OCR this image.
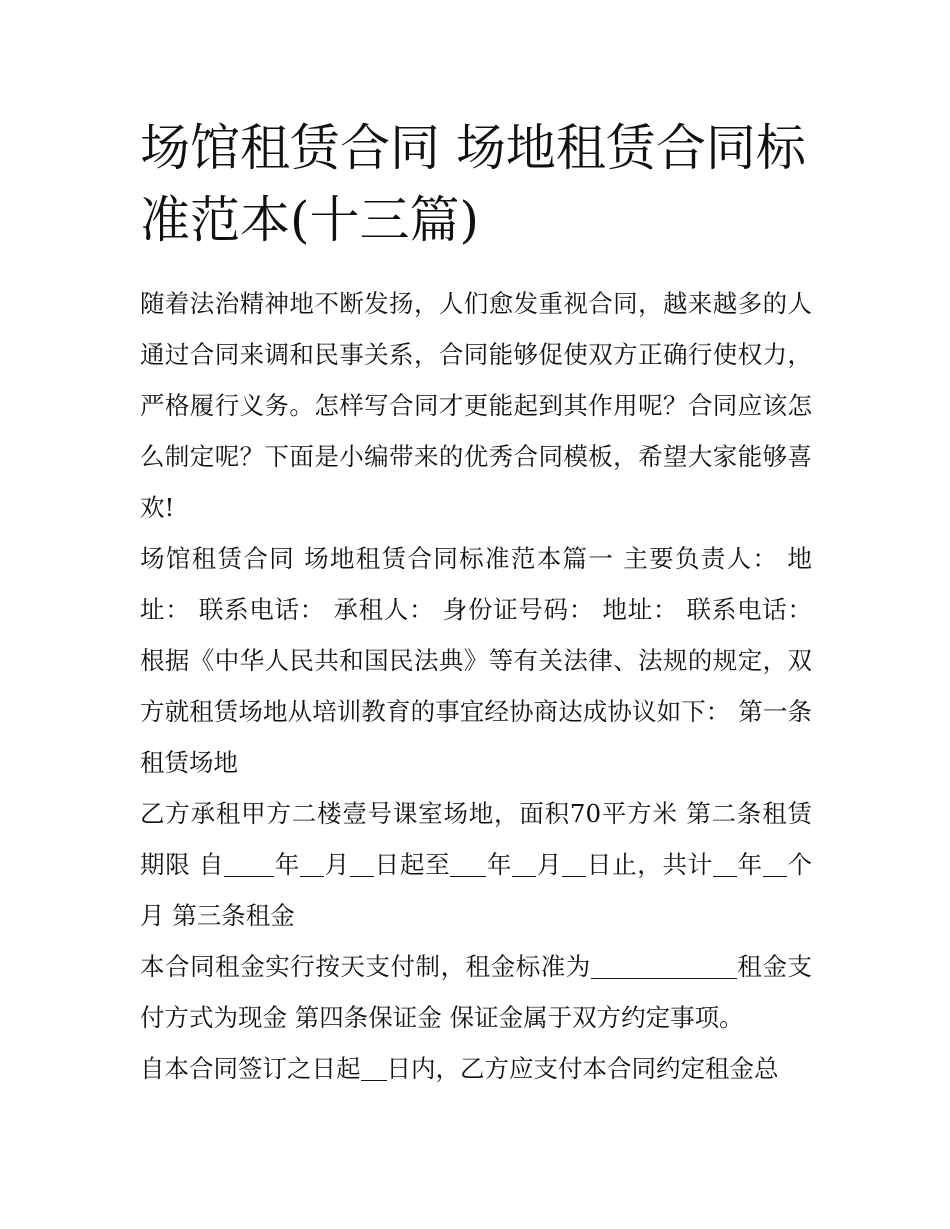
场馆租赁合同 场地租赁合同标准范本(十三篇)

随着法治精神地不断发扬，人们愈发重视合同，越来越多的人通过合同来调和民事关系，合同能够促使双方正确行使权力，严格履行义务。怎样写合同才更能起到其作用呢？合同应该怎么制定呢？下面是小编带来的优秀合同模板，希望大家能够喜欢!

场馆租赁合同 场地租赁合同标准范本篇一 主要负责人： 地址： 联系电话： 承租人： 身份证号码： 地址： 联系电话： 根据《中华人民共和国民法典》等有关法律、法规的规定，双方就租赁场地从培训教育的事宜经协商达成协议如下： 第一条租赁场地

乙方承租甲方二楼壹号课室场地，面积70平方米 第二条租赁期限 自 年 月 日起至 年 月 日止，共计 年 个月 第三条租金

本合同租金实行按天支付制，租金标准为	租金支付方式为现金 第四条保证金 保证金属于双方约定事项。

自本合同签订之日起 日内，乙方应支付本合同约定租金总
